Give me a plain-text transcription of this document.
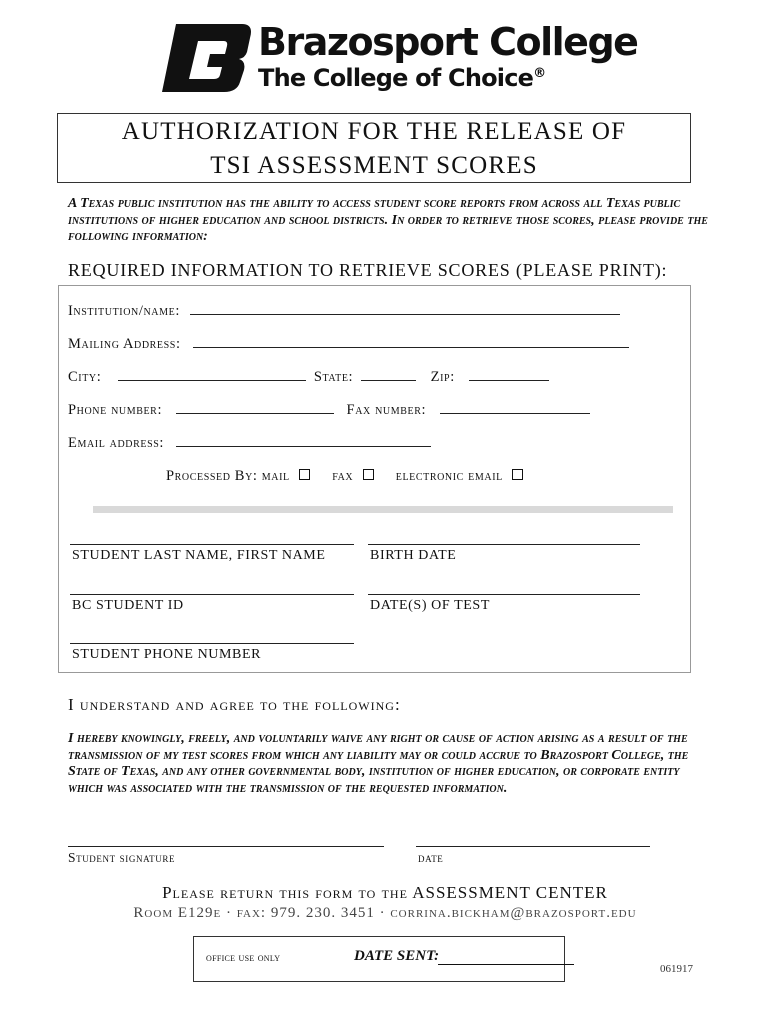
Brazosport College
The College of Choice®
AUTHORIZATION FOR THE RELEASE OF
TSI ASSESSMENT SCORES
A Texas public institution has the ability to access student score reports from across all Texas public institutions of higher education and school districts. In order to retrieve those scores, please provide the following information:
REQUIRED INFORMATION TO RETRIEVE SCORES (PLEASE PRINT):
Institution/name:
Mailing Address:
City:	State:	Zip:
Phone number:	Fax number:
Email address:
Processed By: mail	fax	electronic email
STUDENT LAST NAME, FIRST NAME	BIRTH DATE
BC STUDENT ID	DATE(S) OF TEST
STUDENT PHONE NUMBER
I understand and agree to the following:
I hereby knowingly, freely, and voluntarily waive any right or cause of action arising as a result of the transmission of my test scores from which any liability may or could accrue to Brazosport College, the State of Texas, and any other governmental body, institution of higher education, or corporate entity which was associated with the transmission of the requested information.
Student signature	date
Please return this form to the ASSESSMENT CENTER
Room E129e · fax: 979. 230. 3451 · corrina.bickham@brazosport.edu
office use only	DATE SENT:
061917
